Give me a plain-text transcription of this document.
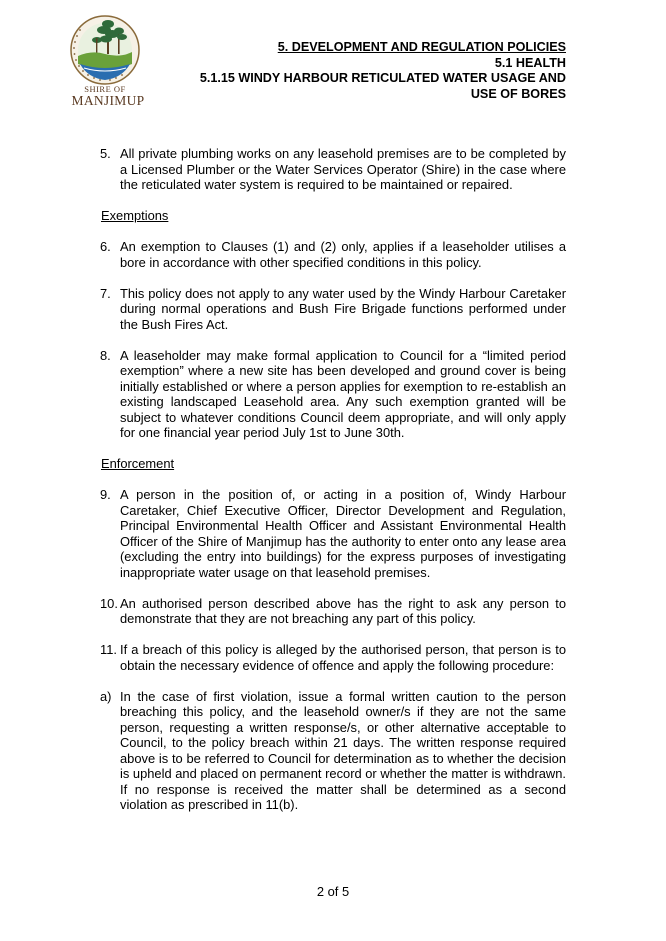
SHIRE OF
MANJIMUP
5. DEVELOPMENT AND REGULATION POLICIES
5.1 HEALTH
5.1.15 WINDY HARBOUR RETICULATED WATER USAGE AND
USE OF BORES
5. All private plumbing works on any leasehold premises are to be completed by a Licensed Plumber or the Water Services Operator (Shire) in the case where the reticulated water system is required to be maintained or repaired.
Exemptions
6. An exemption to Clauses (1) and (2) only, applies if a leaseholder utilises a bore in accordance with other specified conditions in this policy.
7. This policy does not apply to any water used by the Windy Harbour Caretaker during normal operations and Bush Fire Brigade functions performed under the Bush Fires Act.
8. A leaseholder may make formal application to Council for a “limited period exemption” where a new site has been developed and ground cover is being initially established or where a person applies for exemption to re-establish an existing landscaped Leasehold area. Any such exemption granted will be subject to whatever conditions Council deem appropriate, and will only apply for one financial year period July 1st to June 30th.
Enforcement
9. A person in the position of, or acting in a position of, Windy Harbour Caretaker, Chief Executive Officer, Director Development and Regulation, Principal Environmental Health Officer and Assistant Environmental Health Officer of the Shire of Manjimup has the authority to enter onto any lease area (excluding the entry into buildings) for the express purposes of investigating inappropriate water usage on that leasehold premises.
10. An authorised person described above has the right to ask any person to demonstrate that they are not breaching any part of this policy.
11. If a breach of this policy is alleged by the authorised person, that person is to obtain the necessary evidence of offence and apply the following procedure:
a) In the case of first violation, issue a formal written caution to the person breaching this policy, and the leasehold owner/s if they are not the same person, requesting a written response/s, or other alternative acceptable to Council, to the policy breach within 21 days. The written response required above is to be referred to Council for determination as to whether the decision is upheld and placed on permanent record or whether the matter is withdrawn. If no response is received the matter shall be determined as a second violation as prescribed in 11(b).
2 of 5
